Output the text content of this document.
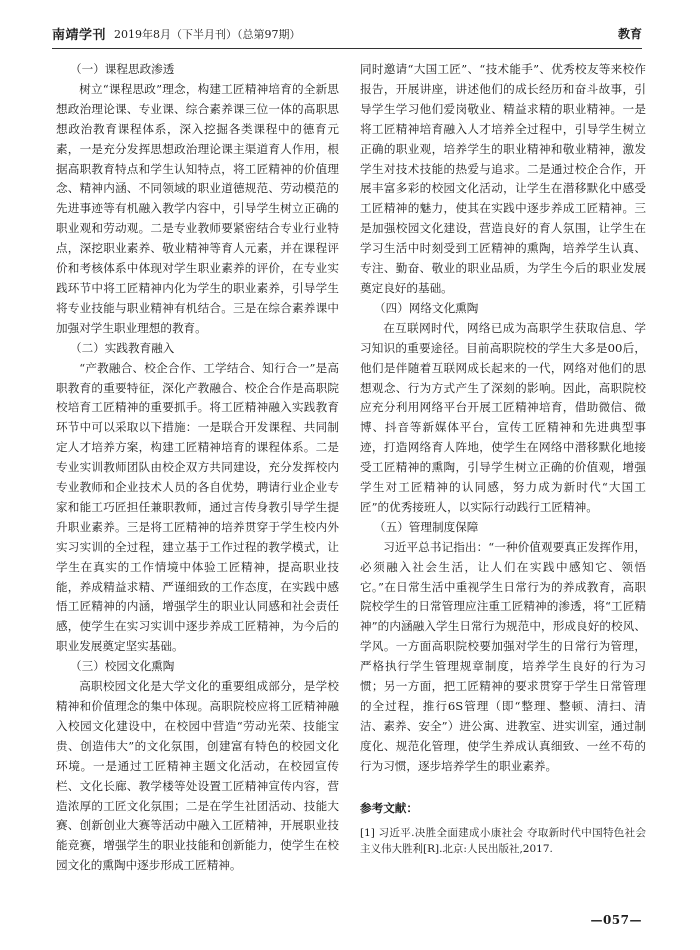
南靖学刊 2019年8月（下半月刊）（总第97期）	教育

（一）课程思政渗透

树立“课程思政”理念，构建工匠精神培育的全新思想政治理论课、专业课、综合素养课三位一体的高职思想政治教育课程体系，深入挖掘各类课程中的德育元素，一是充分发挥思想政治理论课主渠道育人作用，根据高职教育特点和学生认知特点，将工匠精神的价值理念、精神内涵、不同领域的职业道德规范、劳动模范的先进事迹等有机融入教学内容中，引导学生树立正确的职业观和劳动观。二是专业教师要紧密结合专业行业特点，深挖职业素养、敬业精神等育人元素，并在课程评价和考核体系中体现对学生职业素养的评价，在专业实践环节中将工匠精神内化为学生的职业素养，引导学生将专业技能与职业精神有机结合。三是在综合素养课中加强对学生职业理想的教育。

（二）实践教育融入

“产教融合、校企合作、工学结合、知行合一”是高职教育的重要特征，深化产教融合、校企合作是高职院校培育工匠精神的重要抓手。将工匠精神融入实践教育环节中可以采取以下措施：一是联合开发课程、共同制定人才培养方案，构建工匠精神培育的课程体系。二是专业实训教师团队由校企双方共同建设，充分发挥校内专业教师和企业技术人员的各自优势，聘请行业企业专家和能工巧匠担任兼职教师，通过言传身教引导学生提升职业素养。三是将工匠精神的培养贯穿于学生校内外实习实训的全过程，建立基于工作过程的教学模式，让学生在真实的工作情境中体验工匠精神，提高职业技能，养成精益求精、严谨细致的工作态度，在实践中感悟工匠精神的内涵，增强学生的职业认同感和社会责任感，使学生在实习实训中逐步养成工匠精神，为今后的职业发展奠定坚实基础。

（三）校园文化熏陶

高职校园文化是大学文化的重要组成部分，是学校精神和价值理念的集中体现。高职院校应将工匠精神融入校园文化建设中，在校园中营造“劳动光荣、技能宝贵、创造伟大”的文化氛围，创建富有特色的校园文化环境。一是通过工匠精神主题文化活动，在校园宣传栏、文化长廊、教学楼等处设置工匠精神宣传内容，营造浓厚的工匠文化氛围；二是在学生社团活动、技能大赛、创新创业大赛等活动中融入工匠精神，开展职业技能竞赛，增强学生的职业技能和创新能力，使学生在校园文化的熏陶中逐步形成工匠精神。

同时邀请“大国工匠”、“技术能手”、优秀校友等来校作报告，开展讲座，讲述他们的成长经历和奋斗故事，引导学生学习他们爱岗敬业、精益求精的职业精神。一是将工匠精神培育融入人才培养全过程中，引导学生树立正确的职业观，培养学生的职业精神和敬业精神，激发学生对技术技能的热爱与追求。二是通过校企合作，开展丰富多彩的校园文化活动，让学生在潜移默化中感受工匠精神的魅力，使其在实践中逐步养成工匠精神。三是加强校园文化建设，营造良好的育人氛围，让学生在学习生活中时刻受到工匠精神的熏陶，培养学生认真、专注、勤奋、敬业的职业品质，为学生今后的职业发展奠定良好的基础。

（四）网络文化熏陶

在互联网时代，网络已成为高职学生获取信息、学习知识的重要途径。目前高职院校的学生大多是00后，他们是伴随着互联网成长起来的一代，网络对他们的思想观念、行为方式产生了深刻的影响。因此，高职院校应充分利用网络平台开展工匠精神培育，借助微信、微博、抖音等新媒体平台，宣传工匠精神和先进典型事迹，打造网络育人阵地，使学生在网络中潜移默化地接受工匠精神的熏陶，引导学生树立正确的价值观，增强学生对工匠精神的认同感，努力成为新时代“大国工匠”的优秀接班人，以实际行动践行工匠精神。

（五）管理制度保障

习近平总书记指出：“一种价值观要真正发挥作用，必须融入社会生活，让人们在实践中感知它、领悟它。”在日常生活中重视学生日常行为的养成教育，高职院校学生的日常管理应注重工匠精神的渗透，将“工匠精神”的内涵融入学生日常行为规范中，形成良好的校风、学风。一方面高职院校要加强对学生的日常行为管理，严格执行学生管理规章制度，培养学生良好的行为习惯；另一方面，把工匠精神的要求贯穿于学生日常管理的全过程，推行6S管理（即“整理、整顿、清扫、清洁、素养、安全”）进公寓、进教室、进实训室，通过制度化、规范化管理，使学生养成认真细致、一丝不苟的行为习惯，逐步培养学生的职业素养。

参考文献：

[1] 习近平.决胜全面建成小康社会 夺取新时代中国特色社会主义伟大胜利[R].北京:人民出版社,2017.

—057—
